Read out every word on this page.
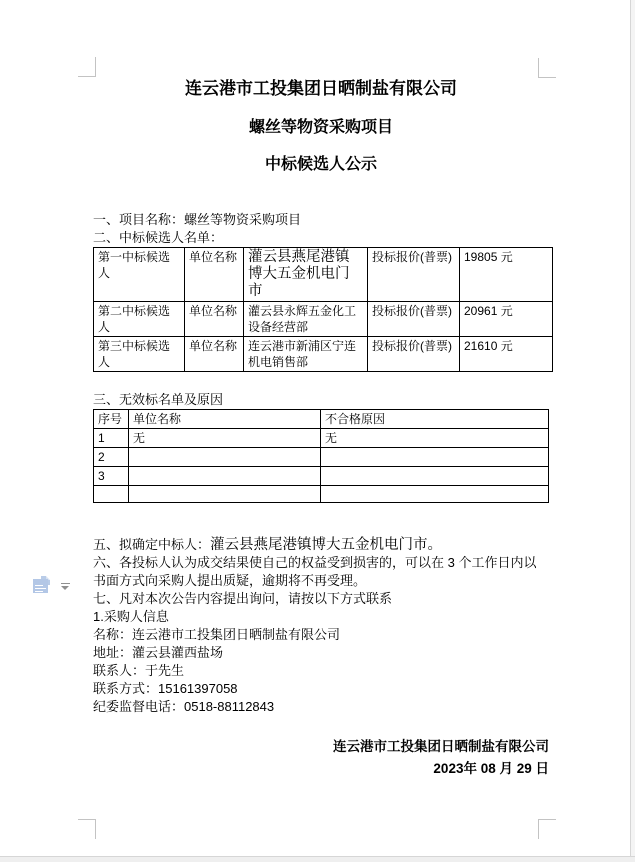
连云港市工投集团日晒制盐有限公司
螺丝等物资采购项目
中标候选人公示

一、项目名称：螺丝等物资采购项目

二、中标候选人名单：

第一中标候选人	单位名称	灌云县燕尾港镇博大五金机电门市	投标报价(普票)	19805 元
第二中标候选人	单位名称	灌云县永辉五金化工设备经营部	投标报价(普票)	20961 元
第三中标候选人	单位名称	连云港市新浦区宁连机电销售部	投标报价(普票)	21610 元

三、无效标名单及原因

序号	单位名称	不合格原因
1	无	无
2		
3		

五、拟确定中标人：灌云县燕尾港镇博大五金机电门市。

六、各投标人认为成交结果使自己的权益受到损害的，可以在 3 个工作日内以书面方式向采购人提出质疑，逾期将不再受理。

七、凡对本次公告内容提出询问，请按以下方式联系

1.采购人信息

名称：连云港市工投集团日晒制盐有限公司

地址：灌云县灌西盐场

联系人：于先生

联系方式：15161397058

纪委监督电话：0518-88112843

连云港市工投集团日晒制盐有限公司
2023年 08 月 29 日
